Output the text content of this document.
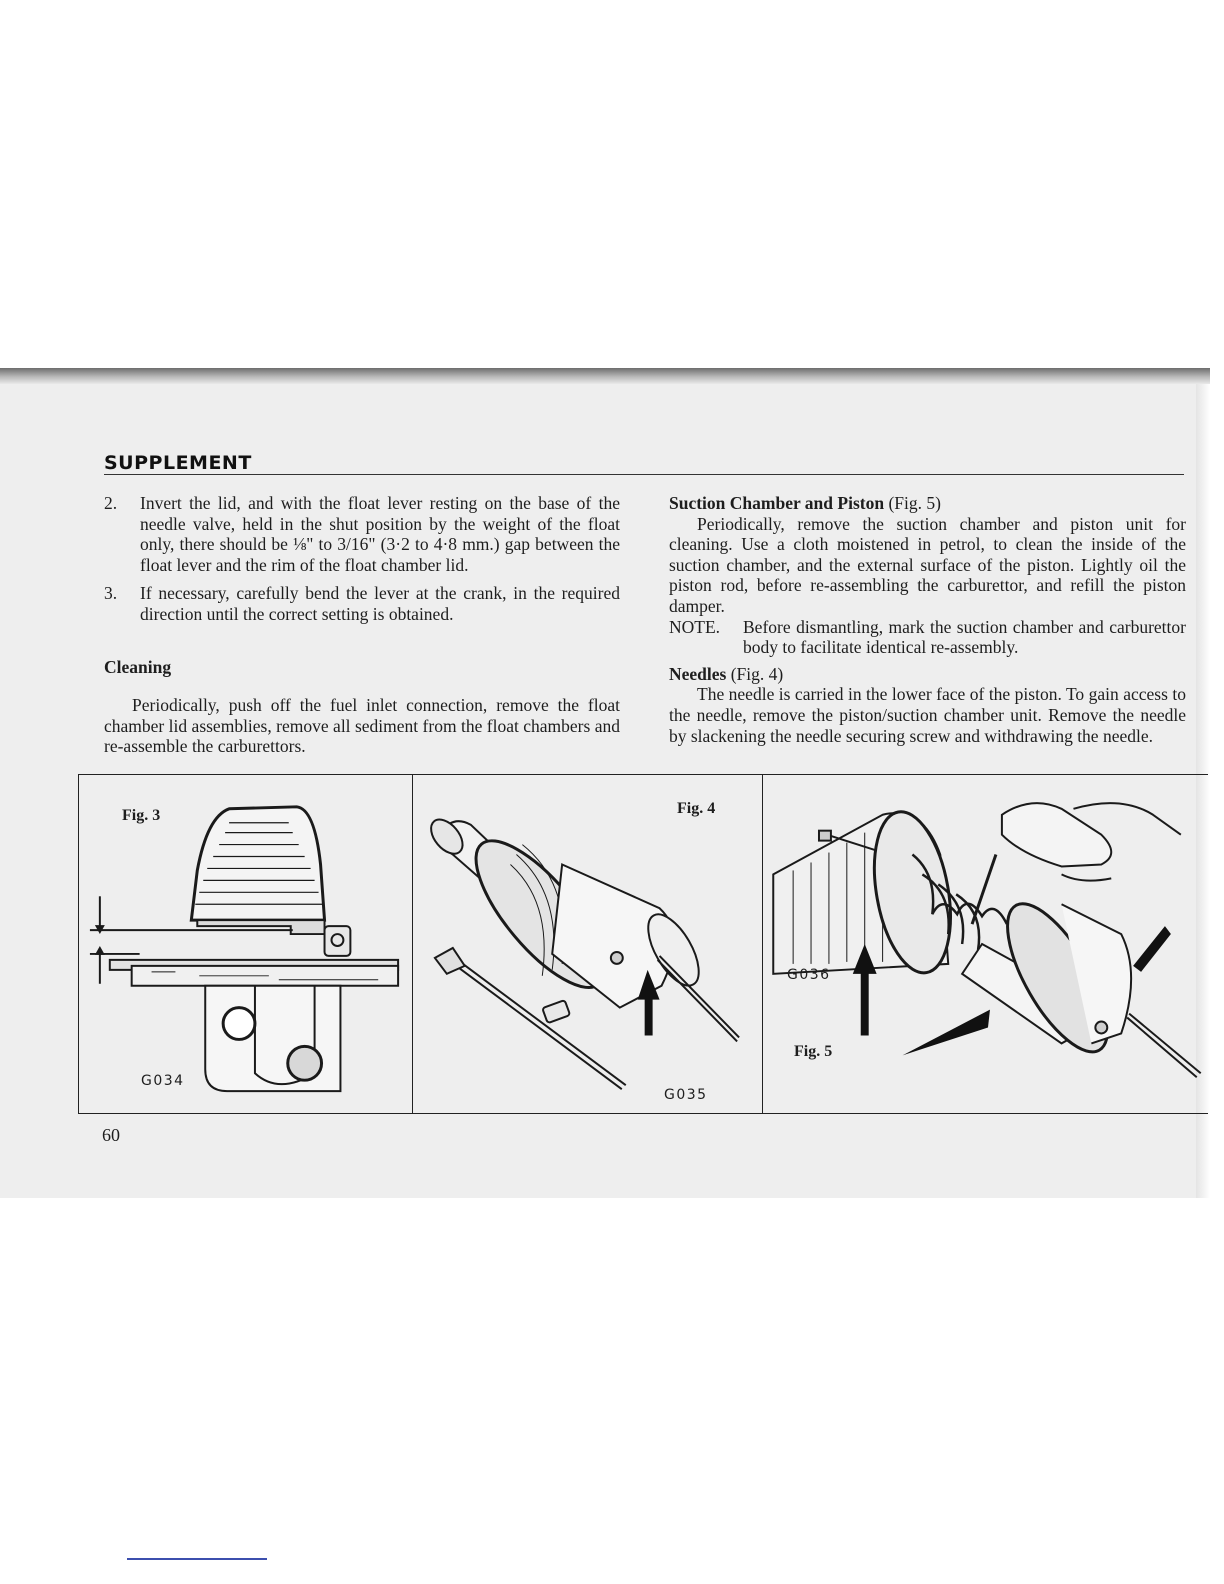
SUPPLEMENT
2.	Invert the lid, and with the float lever resting on the base of the needle valve, held in the shut position by the weight of the float only, there should be ⅛" to 3/16" (3·2 to 4·8 mm.) gap between the float lever and the rim of the float chamber lid.
3.	If necessary, carefully bend the lever at the crank, in the required direction until the correct setting is obtained.
Cleaning
Periodically, push off the fuel inlet connection, remove the float chamber lid assemblies, remove all sediment from the float chambers and re-assemble the carburettors.
Suction Chamber and Piston (Fig. 5)
Periodically, remove the suction chamber and piston unit for cleaning. Use a cloth moistened in petrol, to clean the inside of the suction chamber, and the external surface of the piston. Lightly oil the piston rod, before re-assembling the carburettor, and refill the piston damper.
NOTE.	Before dismantling, mark the suction chamber and carburettor body to facilitate identical re-assembly.
Needles (Fig. 4)
The needle is carried in the lower face of the piston. To gain access to the needle, remove the piston/suction chamber unit. Remove the needle by slackening the needle securing screw and withdrawing the needle.
Fig. 3
G034
Fig. 4
G035
G036
Fig. 5
60
